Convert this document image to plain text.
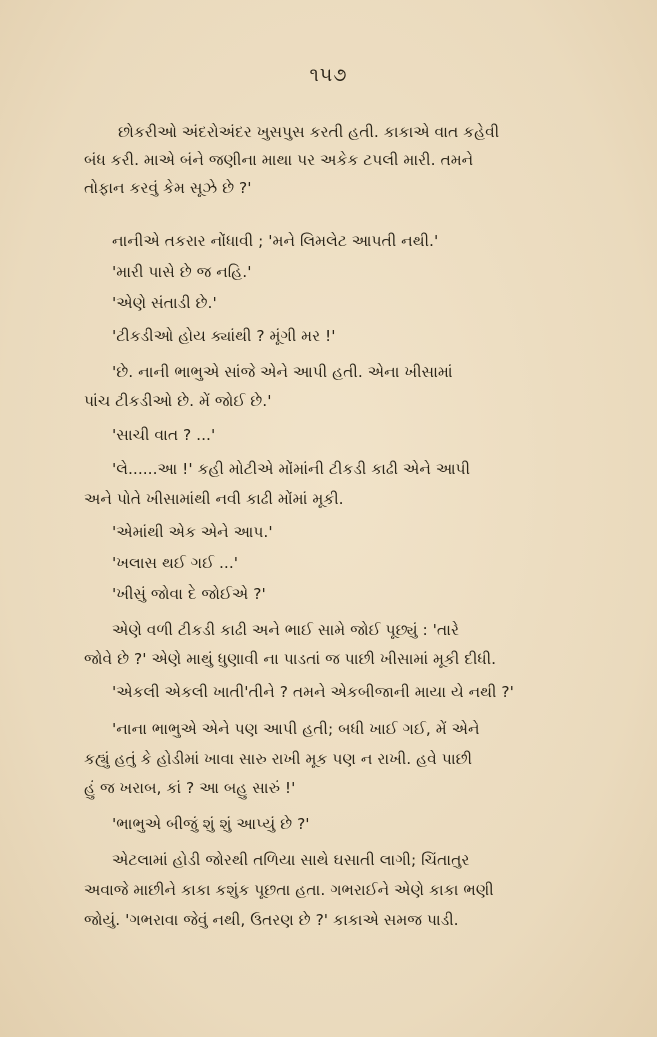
૧૫૭
છોકરીઓ અંદરોઅંદર ખુસપુસ કરતી હતી. કાકાએ વાત કહેવી
બંધ કરી. માએ બંને જણીના માથા પર અકેક ટપલી મારી. તમને
તોફાન કરવું કેમ સૂઝે છે ?'
નાનીએ તકરાર નોંધાવી ; 'મને લિમલેટ આપતી નથી.'
'મારી પાસે છે જ નહિ.'
'એણે સંતાડી છે.'
'ટીકડીઓ હોય ક્યાંથી ? મૂંગી મર !'
'છે. નાની ભાભુએ સાંજે એને આપી હતી. એના ખીસામાં
પાંચ ટીકડીઓ છે. મેં જોઈ છે.'
'સાચી વાત ? ...'
'લે......આ !' કહી મોટીએ મોંમાંની ટીકડી કાઢી એને આપી
અને પોતે ખીસામાંથી નવી કાઢી મોંમાં મૂકી.
'એમાંથી એક એને આપ.'
'ખલાસ થઈ ગઈ ...'
'ખીસું જોવા દે જોઈએ ?'
એણે વળી ટીકડી કાઢી અને ભાઈ સામે જોઈ પૂછ્યું : 'તારે
જોવે છે ?' એણે માથું ધુણાવી ના પાડતાં જ પાછી ખીસામાં મૂકી દીધી.
'એકલી એકલી ખાતી'તીને ? તમને એકબીજાની માયા યે નથી ?'
'નાના ભાભુએ એને પણ આપી હતી; બધી ખાઈ ગઈ, મેં એને
કહ્યું હતું કે હોડીમાં ખાવા સારુ રાખી મૂક પણ ન રાખી. હવે પાછી
હું જ ખરાબ, કાં ? આ બહુ સારું !'
'ભાભુએ બીજું શું શું આપ્યું છે ?'
એટલામાં હોડી જોરથી તળિયા સાથે ઘસાતી લાગી; ચિંતાતુર
અવાજે માછીને કાકા કશુંક પૂછતા હતા. ગભરાઈને એણે કાકા ભણી
જોયું. 'ગભરાવા જેવું નથી, ઉતરણ છે ?' કાકાએ સમજ પાડી.
